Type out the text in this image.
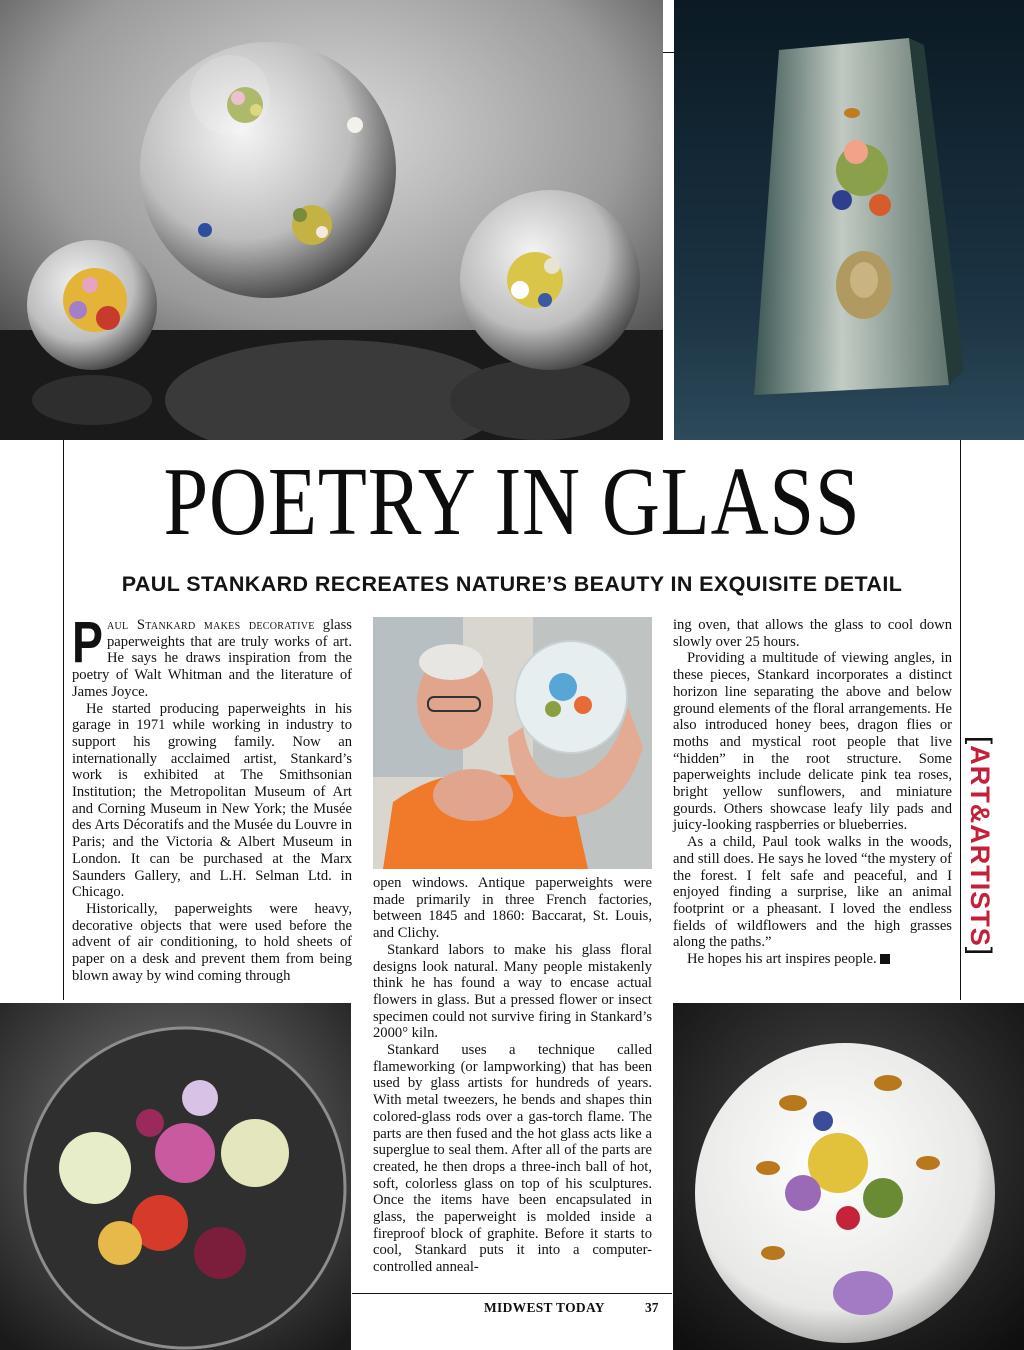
POETRY IN GLASS
PAUL STANKARD RECREATES NATURE’S BEAUTY IN EXQUISITE DETAIL

Paul Stankard makes decorative glass paperweights that are truly works of art. He says he draws inspiration from the poetry of Walt Whitman and the literature of James Joyce.

He started producing paperweights in his garage in 1971 while working in industry to support his growing family. Now an internationally acclaimed artist, Stankard’s work is exhibited at The Smithsonian Institution; the Metropolitan Museum of Art and Corning Museum in New York; the Musée des Arts Décoratifs and the Musée du Louvre in Paris; and the Victoria & Albert Museum in London. It can be purchased at the Marx Saunders Gallery, and L.H. Selman Ltd. in Chicago.

Historically, paperweights were heavy, decorative objects that were used before the advent of air conditioning, to hold sheets of paper on a desk and prevent them from being blown away by wind coming through

open windows. Antique paperweights were made primarily in three French factories, between 1845 and 1860: Baccarat, St. Louis, and Clichy.

Stankard labors to make his glass floral designs look natural. Many people mistakenly think he has found a way to encase actual flowers in glass. But a pressed flower or insect specimen could not survive firing in Stankard’s 2000° kiln.

Stankard uses a technique called flameworking (or lampworking) that has been used by glass artists for hundreds of years. With metal tweezers, he bends and shapes thin colored-glass rods over a gas-torch flame. The parts are then fused and the hot glass acts like a superglue to seal them. After all of the parts are created, he then drops a three-inch ball of hot, soft, colorless glass on top of his sculptures. Once the items have been encapsulated in glass, the paperweight is molded inside a fireproof block of graphite. Before it starts to cool, Stankard puts it into a computer-controlled anneal-

ing oven, that allows the glass to cool down slowly over 25 hours.

Providing a multitude of viewing angles, in these pieces, Stankard incorporates a distinct horizon line separating the above and below ground elements of the floral arrangements. He also introduced honey bees, dragon flies or moths and mystical root people that live “hidden” in the root structure. Some paperweights include delicate pink tea roses, bright yellow sunflowers, and miniature gourds. Others showcase leafy lily pads and juicy-looking raspberries or blueberries.

As a child, Paul took walks in the woods, and still does. He says he loved “the mystery of the forest. I felt safe and peaceful, and I enjoyed finding a surprise, like an animal footprint or a pheasant. I loved the endless fields of wildflowers and the high grasses along the paths.”

He hopes his art inspires people.

[ART&ARTISTS]
MIDWEST TODAY	37
